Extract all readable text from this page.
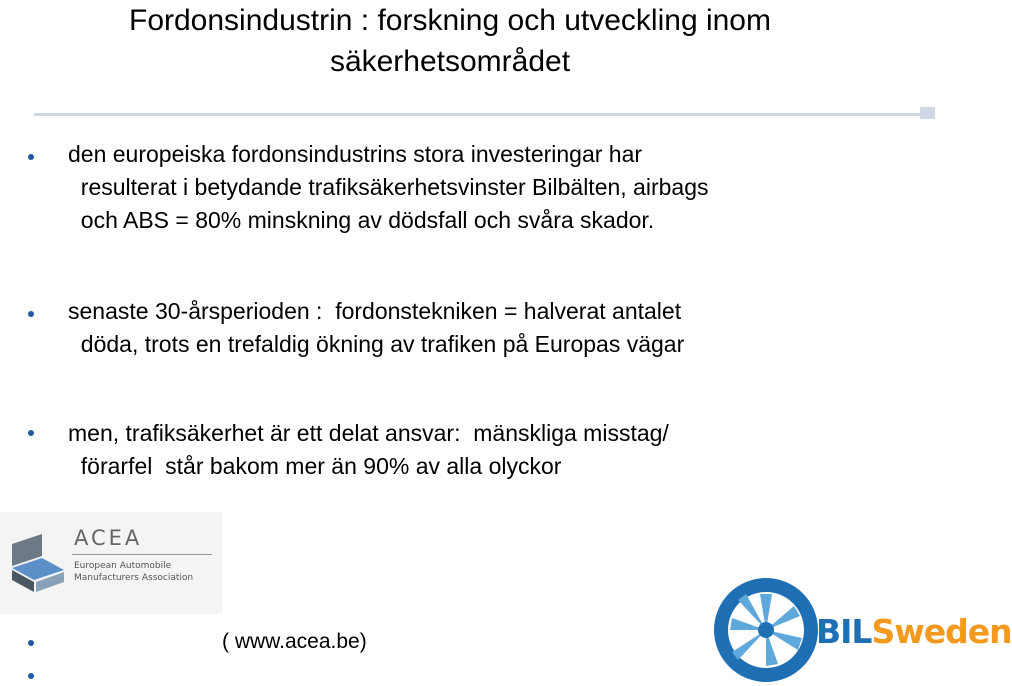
Fordonsindustrin : forskning och utveckling inom
säkerhetsområdet
den europeiska fordonsindustrins stora investeringar har
resulterat i betydande trafiksäkerhetsvinster Bilbälten, airbags
och ABS = 80% minskning av dödsfall och svåra skador.
senaste 30-årsperioden :  fordonstekniken = halverat antalet
döda, trots en trefaldig ökning av trafiken på Europas vägar
men, trafiksäkerhet är ett delat ansvar:  mänskliga misstag/
förarfel  står bakom mer än 90% av alla olyckor
ACEA
European Automobile
Manufacturers Association
( www.acea.be)	BILSweden
